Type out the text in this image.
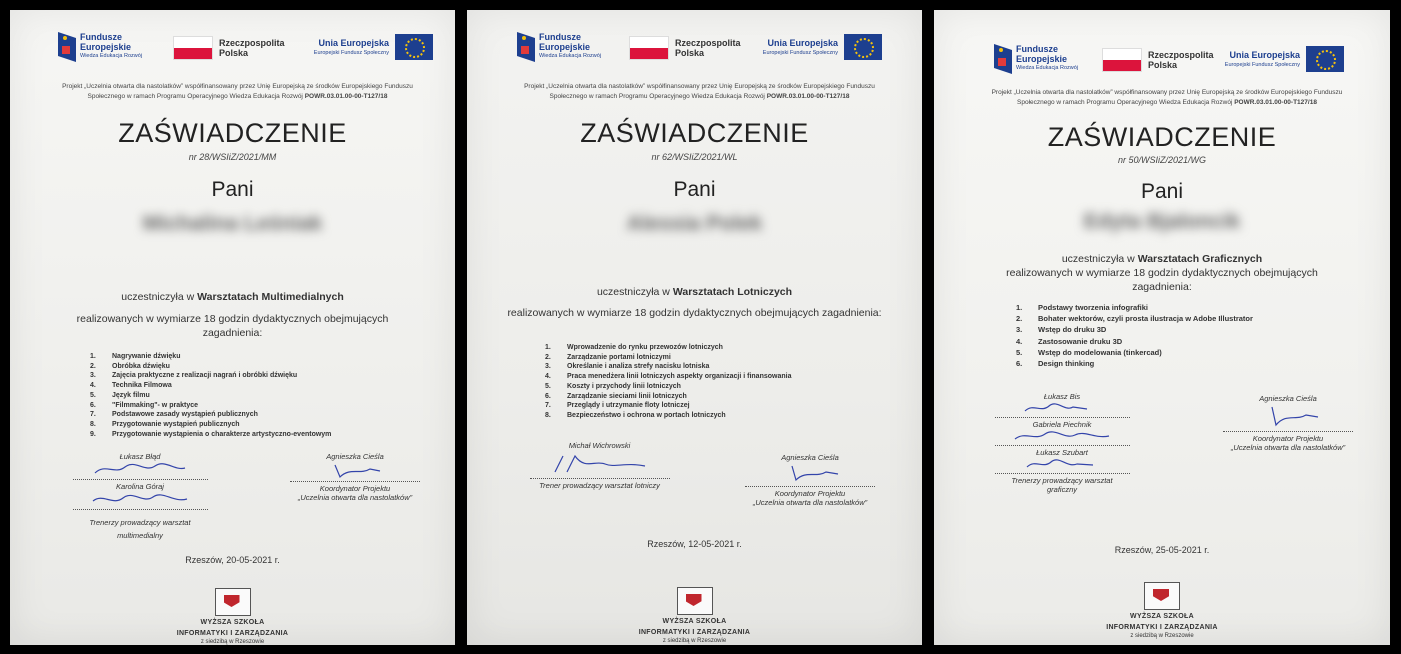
Fundusze
Europejskie
Wiedza Edukacja Rozwój
Rzeczpospolita
Polska
Unia Europejska
Europejski Fundusz Społeczny
Projekt „Uczelnia otwarta dla nastolatków” współfinansowany przez Unię Europejską ze środków Europejskiego Funduszu
Społecznego w ramach Programu Operacyjnego Wiedza Edukacja Rozwój POWR.03.01.00-00-T127/18
ZAŚWIADCZENIE
nr 28/WSIiZ/2021/MM
Pani
Michalina Leśniak
uczestniczyła w Warsztatach Multimedialnych
realizowanych w wymiarze 18 godzin dydaktycznych obejmujących zagadnienia:
1. Nagrywanie dźwięku
2. Obróbka dźwięku
3. Zajęcia praktyczne z realizacji nagrań i obróbki dźwięku
4. Technika Filmowa
5. Język filmu
6. "Filmmaking"- w praktyce
7. Podstawowe zasady wystąpień publicznych
8. Przygotowanie wystąpień publicznych
9. Przygotowanie wystąpienia o charakterze artystyczno-eventowym
Łukasz Błąd
Karolina Góraj
Trenerzy prowadzący warsztat
multimedialny
Agnieszka Cieśla
Koordynator Projektu
„Uczelnia otwarta dla nastolatków”
Rzeszów, 20-05-2021 r.
WYŻSZA SZKOŁA
INFORMATYKI I ZARZĄDZANIA
z siedzibą w Rzeszowie
Fundusze
Europejskie
Wiedza Edukacja Rozwój
Rzeczpospolita
Polska
Unia Europejska
Europejski Fundusz Społeczny
Projekt „Uczelnia otwarta dla nastolatków” współfinansowany przez Unię Europejską ze środków Europejskiego Funduszu
Społecznego w ramach Programu Operacyjnego Wiedza Edukacja Rozwój POWR.03.01.00-00-T127/18
ZAŚWIADCZENIE
nr 62/WSIiZ/2021/WL
Pani
Alessia Polek
uczestniczyła w Warsztatach Lotniczych
realizowanych w wymiarze 18 godzin dydaktycznych obejmujących zagadnienia:
1. Wprowadzenie do rynku przewozów lotniczych
2. Zarządzanie portami lotniczymi
3. Określanie i analiza strefy nacisku lotniska
4. Praca menedżera linii lotniczych aspekty organizacji i finansowania
5. Koszty i przychody linii lotniczych
6. Zarządzanie sieciami linii lotniczych
7. Przeglądy i utrzymanie floty lotniczej
8. Bezpieczeństwo i ochrona w portach lotniczych
Michał Wichrowski
Trener prowadzący warsztat lotniczy
Agnieszka Cieśla
Koordynator Projektu
„Uczelnia otwarta dla nastolatków”
Rzeszów, 12-05-2021 r.
WYŻSZA SZKOŁA
INFORMATYKI I ZARZĄDZANIA
z siedzibą w Rzeszowie
Fundusze
Europejskie
Wiedza Edukacja Rozwój
Rzeczpospolita
Polska
Unia Europejska
Europejski Fundusz Społeczny
Projekt „Uczelnia otwarta dla nastolatków” współfinansowany przez Unię Europejską ze środków Europejskiego Funduszu
Społecznego w ramach Programu Operacyjnego Wiedza Edukacja Rozwój POWR.03.01.00-00-T127/18
ZAŚWIADCZENIE
nr 50/WSIiZ/2021/WG
Pani
Edyta Bjaloncik
uczestniczyła w Warsztatach Graficznych
realizowanych w wymiarze 18 godzin dydaktycznych obejmujących zagadnienia:
1. Podstawy tworzenia infografiki
2. Bohater wektorów, czyli prosta ilustracja w Adobe Illustrator
3. Wstęp do druku 3D
4. Zastosowanie druku 3D
5. Wstęp do modelowania (tinkercad)
6. Design thinking
Łukasz Bis
Gabriela Piechnik
Łukasz Szubart
Trenerzy prowadzący warsztat
graficzny
Agnieszka Cieśla
Koordynator Projektu
„Uczelnia otwarta dla nastolatków”
Rzeszów, 25-05-2021 r.
WYŻSZA SZKOŁA
INFORMATYKI I ZARZĄDZANIA
z siedzibą w Rzeszowie
